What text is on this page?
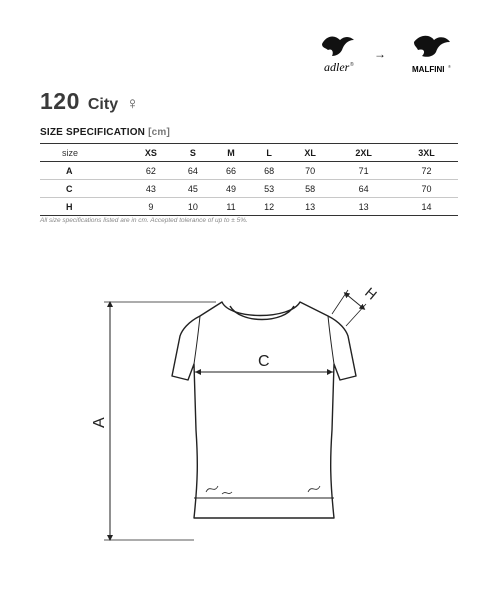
adler ®
→
MALFINI ®
120 City ♀
SIZE SPECIFICATION [cm]
size	XS	S	M	L	XL	2XL	3XL
A	62	64	66	68	70	71	72
C	43	45	49	53	58	64	70
H	9	10	11	12	13	13	14
All size specifications listed are in cm. Accepted tolerance of up to ± 5%.
C
A
H
